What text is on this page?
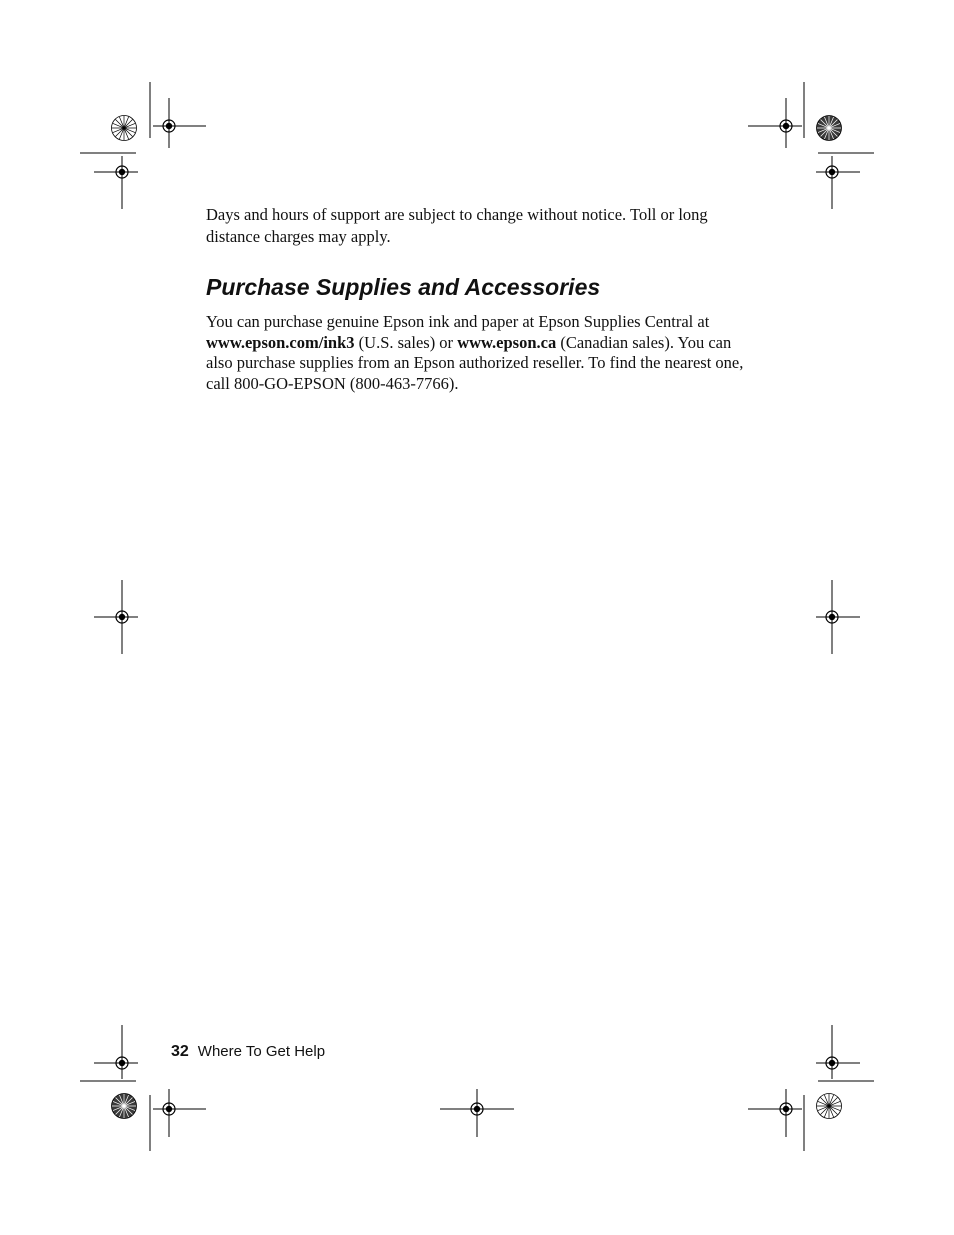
Days and hours of support are subject to change without notice. Toll or long distance charges may apply.

Purchase Supplies and Accessories

You can purchase genuine Epson ink and paper at Epson Supplies Central at www.epson.com/ink3 (U.S. sales) or www.epson.ca (Canadian sales). You can also purchase supplies from an Epson authorized reseller. To find the nearest one, call 800-GO-EPSON (800-463-7766).

32 Where To Get Help
